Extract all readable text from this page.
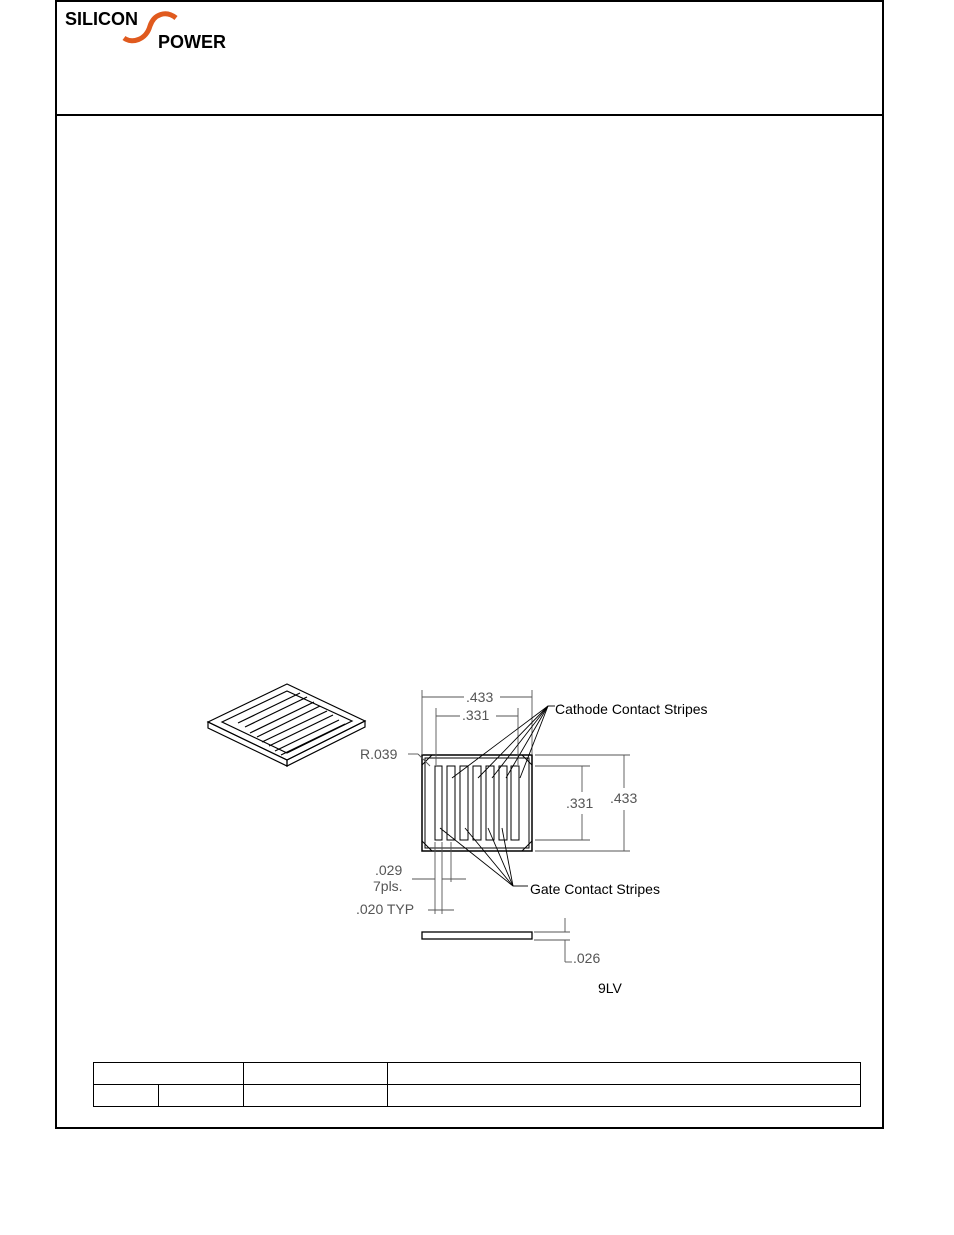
SILICON
POWER
.433
.331
.331 .433
R.039
.029
7pls.
.020 TYP
.026
Cathode Contact Stripes
Gate Contact Stripes
9LV
